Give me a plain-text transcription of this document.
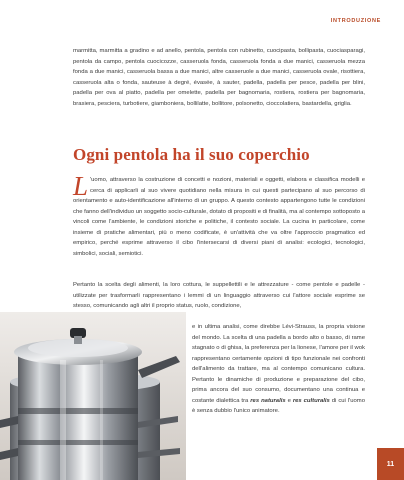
INTRODUZIONE

marmitta, marmitta a gradino e ad anello, pentola, pentola con rubinetto, cuocipasta, bollipasta, cuociasparagi, pentola da campo, pentola cuocicozze, casseruola fonda, casseruola fonda a due manici, casseruola mezza fonda a due manici, casseruola bassa a due manici, altre casseruole a due manici, casseruola ovale, risottiera, casseruola alta o fonda, sauteuse à degré, évasée, à sauter, padella, padella per pesce, padella per blini, padella per ova al piatto, padella per omelette, padella per bagnomaria, rostiera, rostiera per bagnomaria, brasiera, pesciera, turbotiere, giamboniera, bollilatte, bollitore, polsonetto, cioccolatiera, bastardella, griglia.

Ogni pentola ha il suo coperchio

L 'uomo, attraverso la costruzione di concetti e nozioni, materiali e oggetti, elabora e classifica modelli e cerca di applicarli al suo vivere quotidiano nella misura in cui questi partecipano al suo percorso di orientamento e auto-identificazione all'interno di un gruppo. A questo contesto appartengono tutte le condizioni che fanno dell'individuo un soggetto socio-culturale, dotato di propositi e di finalità, ma al contempo sottoposto a vincoli come l'ambiente, le condizioni storiche e politiche, il contesto sociale. La cucina in particolare, come insieme di pratiche alimentari, più o meno codificate, è un'attività che va oltre l'approccio pragmatico ed empirico, perché esprime attraverso il cibo l'intersecarsi di diversi piani di analisi: ecologici, tecnologici, simbolici, sociali, semiotici.

Pertanto la scelta degli alimenti, la loro cottura, le suppellettili e le attrezzature - come pentole e padelle - utilizzate per trasformarli rappresentano i lemmi di un linguaggio attraverso cui l'attore sociale esprime se stesso, comunicando agli altri il proprio status, ruolo, condizione,

e in ultima analisi, come direbbe Lévi-Strauss, la propria visione del mondo. La scelta di una padella a bordo alto o basso, di rame stagnato o di ghisa, la preferenza per la lionese, l'amore per il wok rappresentano certamente opzioni di tipo funzionale nei confronti dell'alimento da trattare, ma al contempo comunicano cultura. Pertanto le dinamiche di produzione e preparazione del cibo, prima ancora del suo consumo, documentano una continua e costante dialettica tra res naturalis e res culturalis di cui l'uomo è senza dubbio l'unico animatore.

11
